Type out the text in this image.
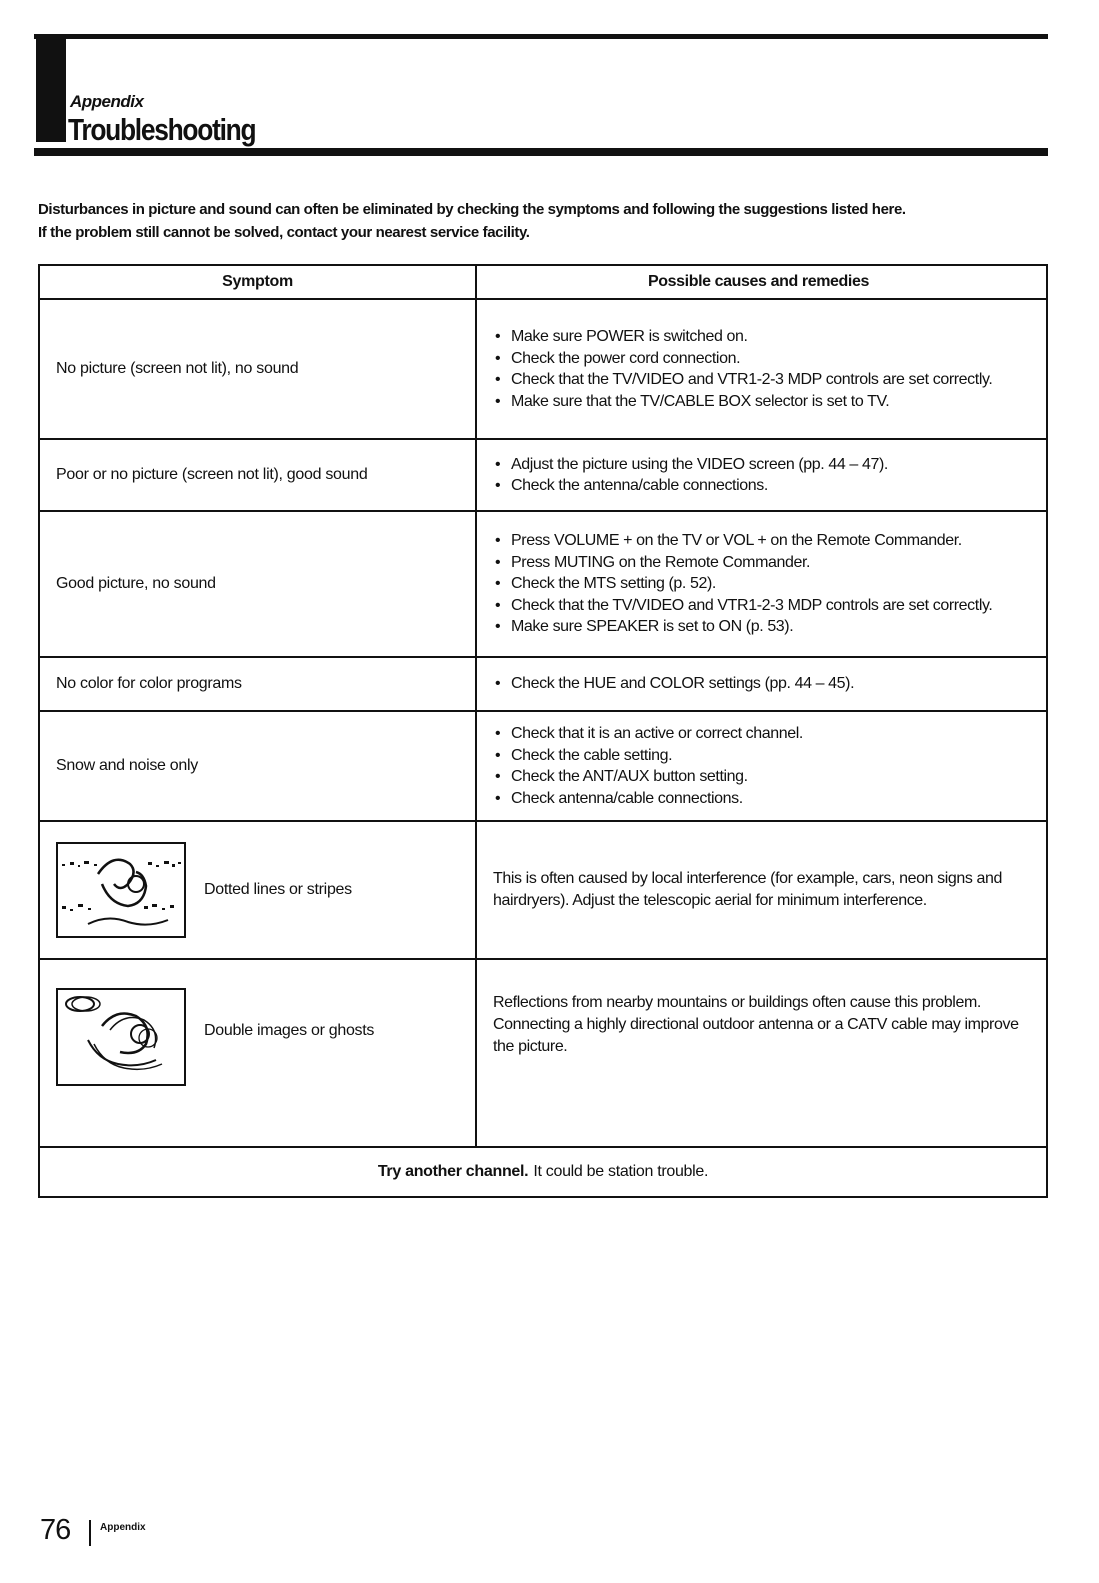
Appendix
Troubleshooting

Disturbances in picture and sound can often be eliminated by checking the symptoms and following the suggestions listed here.

If the problem still cannot be solved, contact your nearest service facility.

Symptom	Possible causes and remedies
No picture (screen not lit), no sound
• Make sure POWER is switched on.
• Check the power cord connection.
• Check that the TV/VIDEO and VTR1-2-3 MDP controls are set correctly.
• Make sure that the TV/CABLE BOX selector is set to TV.
Poor or no picture (screen not lit), good sound
• Adjust the picture using the VIDEO screen (pp. 44 – 47).
• Check the antenna/cable connections.
Good picture, no sound
• Press VOLUME + on the TV or VOL + on the Remote Commander.
• Press MUTING on the Remote Commander.
• Check the MTS setting (p. 52).
• Check that the TV/VIDEO and VTR1-2-3 MDP controls are set correctly.
• Make sure SPEAKER is set to ON (p. 53).
No color for color programs
•	Check the HUE and COLOR settings (pp. 44 – 45).
Snow and noise only
• Check that it is an active or correct channel.
• Check the cable setting.
• Check the ANT/AUX button setting.
• Check antenna/cable connections.
Dotted lines or stripes

This is often caused by local interference (for example, cars, neon signs and hairdryers). Adjust the telescopic aerial for minimum interference.

Double images or ghosts

Reflections from nearby mountains or buildings often cause this problem. Connecting a highly directional outdoor antenna or a CATV cable may improve the picture.

Try another channel. It could be station trouble.
76	Appendix
